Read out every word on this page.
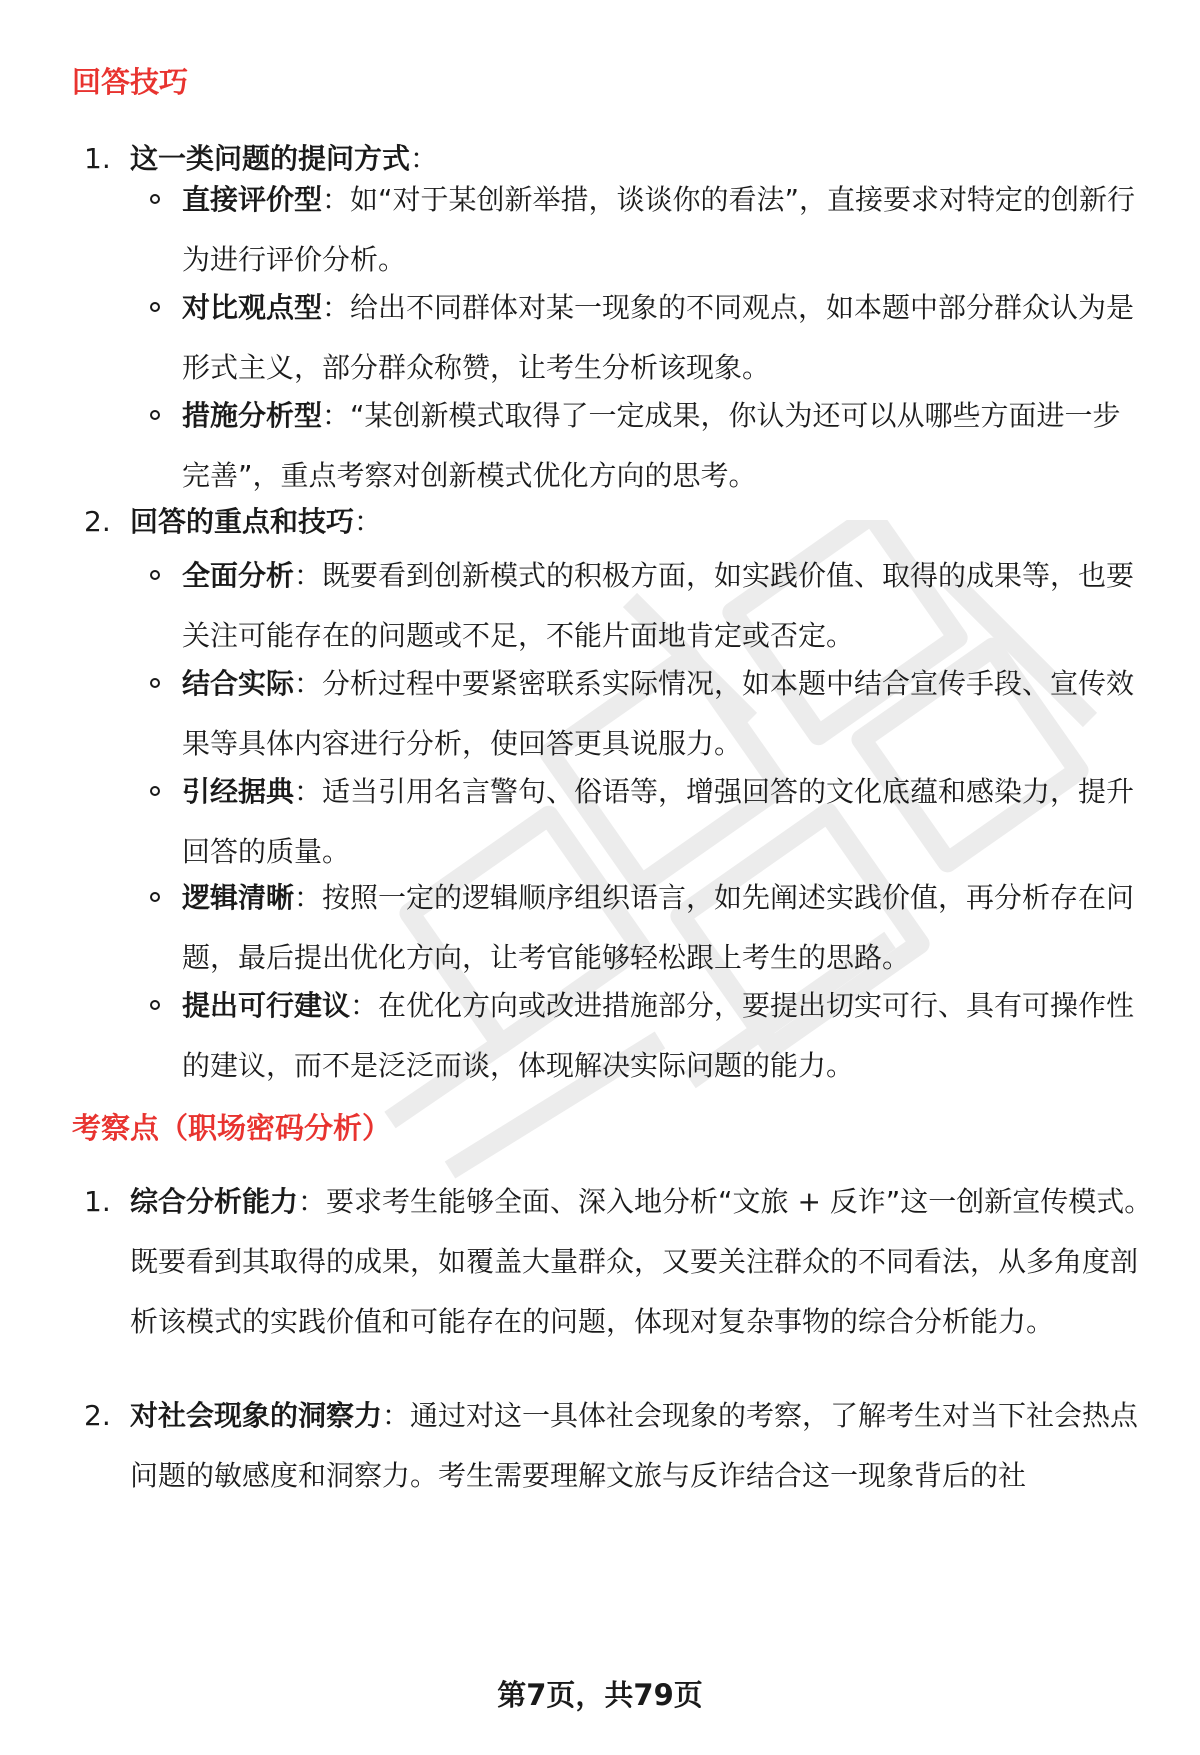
回答技巧
1. 这一类问题的提问方式：
直接评价型：如“对于某创新举措，谈谈你的看法”，直接要求对特定的创新行为进行评价分析。
对比观点型：给出不同群体对某一现象的不同观点，如本题中部分群众认为是形式主义，部分群众称赞，让考生分析该现象。
措施分析型：“某创新模式取得了一定成果，你认为还可以从哪些方面进一步完善”，重点考察对创新模式优化方向的思考。
2. 回答的重点和技巧：
全面分析：既要看到创新模式的积极方面，如实践价值、取得的成果等，也要关注可能存在的问题或不足，不能片面地肯定或否定。
结合实际：分析过程中要紧密联系实际情况，如本题中结合宣传手段、宣传效果等具体内容进行分析，使回答更具说服力。
引经据典：适当引用名言警句、俗语等，增强回答的文化底蕴和感染力，提升回答的质量。
逻辑清晰：按照一定的逻辑顺序组织语言，如先阐述实践价值，再分析存在问题，最后提出优化方向，让考官能够轻松跟上考生的思路。
提出可行建议：在优化方向或改进措施部分，要提出切实可行、具有可操作性的建议，而不是泛泛而谈，体现解决实际问题的能力。
考察点（职场密码分析）
1. 综合分析能力：要求考生能够全面、深入地分析“文旅 + 反诈”这一创新宣传模式。既要看到其取得的成果，如覆盖大量群众，又要关注群众的不同看法，从多角度剖析该模式的实践价值和可能存在的问题，体现对复杂事物的综合分析能力。
2. 对社会现象的洞察力：通过对这一具体社会现象的考察，了解考生对当下社会热点问题的敏感度和洞察力。考生需要理解文旅与反诈结合这一现象背后的社
第7页，共79页
